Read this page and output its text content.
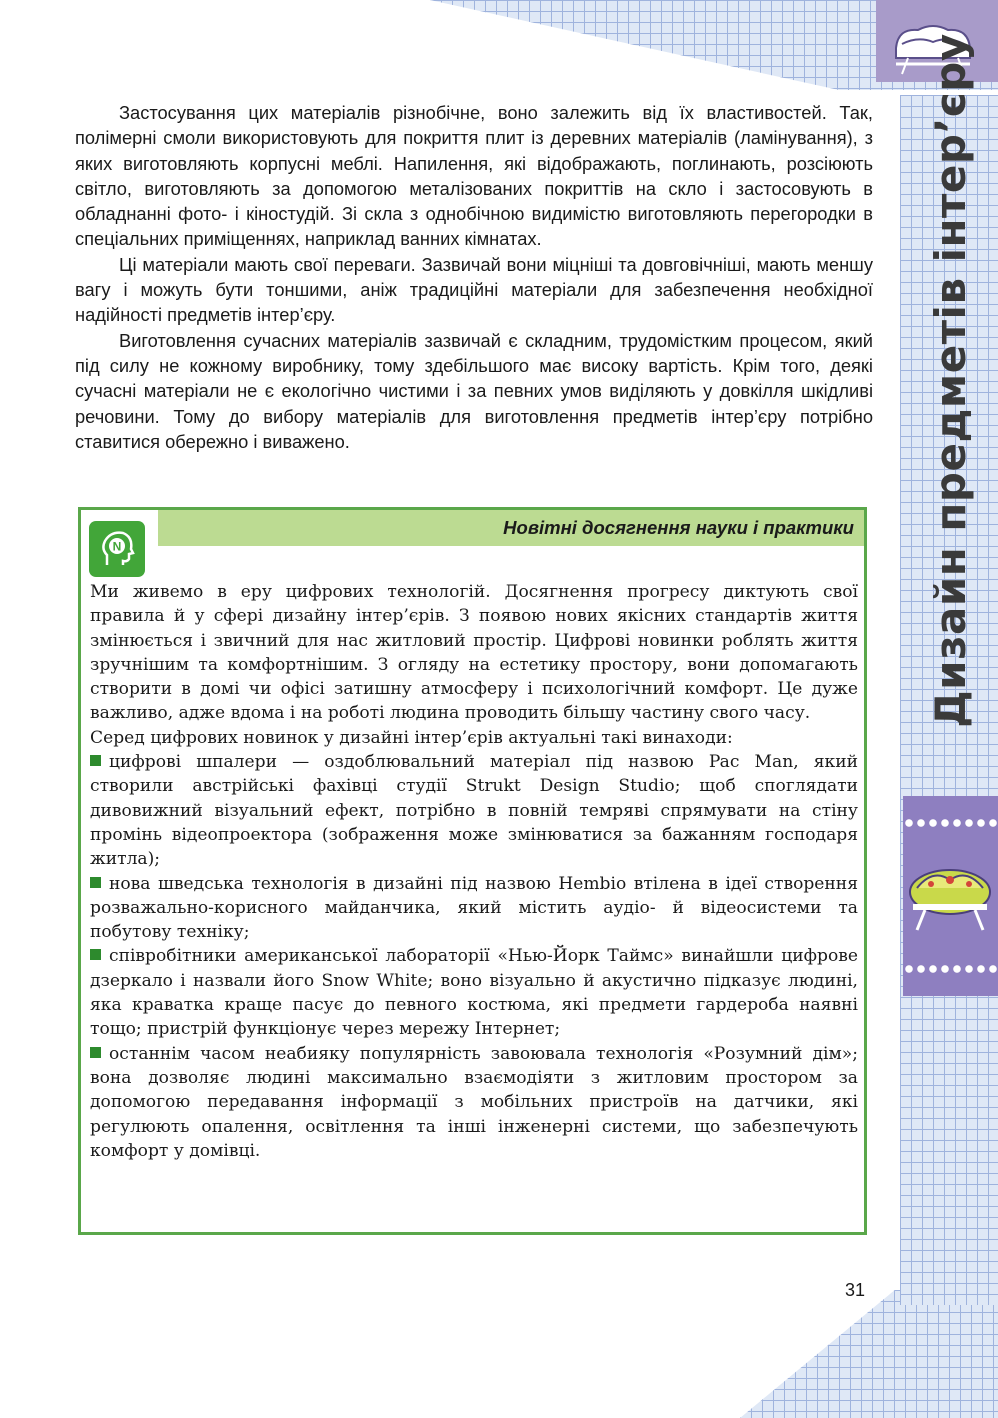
Дизайн предметів інтер’єру

Застосування цих матеріалів різнобічне, воно залежить від їх властивостей. Так, полімерні смоли використовують для покриття плит із деревних матеріалів (ламінування), з яких виготовляють корпусні меблі. Напилення, які відображають, поглинають, розсіюють світло, виготовляють за допомогою металізованих покриттів на скло і застосовують в обладнанні фото- і кіностудій. Зі скла з однобічною видимістю виготовляють перегородки в спеціальних приміщеннях, наприклад ванних кімнатах.

Ці матеріали мають свої переваги. Зазвичай вони міцніші та довговічніші, мають меншу вагу і можуть бути тоншими, аніж традиційні матеріали для забезпечення необхідної надійності предметів інтер’єру.

Виготовлення сучасних матеріалів зазвичай є складним, трудомістким процесом, який під силу не кожному виробнику, тому здебільшого має високу вартість. Крім того, деякі сучасні матеріали не є екологічно чистими і за певних умов виділяють у довкілля шкідливі речовини. Тому до вибору матеріалів для виготовлення предметів інтер’єру потрібно ставитися обережно і виважено.

Новітні досягнення науки і практики
N

Ми живемо в еру цифрових технологій. Досягнення прогресу диктують свої правила й у сфері дизайну інтер’єрів. З появою нових якісних стандартів життя змінюється і звичний для нас житловий простір. Цифрові новинки роблять життя зручнішим та комфортнішим. З огляду на естетику простору, вони допомагають створити в домі чи офісі затишну атмосферу і психологічний комфорт. Це дуже важливо, адже вдома і на роботі людина проводить більшу частину свого часу.

Серед цифрових новинок у дизайні інтер’єрів актуальні такі винаходи:

цифрові шпалери — оздоблювальний матеріал під назвою Pac Man, який створили австрійські фахівці студії Strukt Design Studio; щоб споглядати дивовижний візуальний ефект, потрібно в повній темряві спрямувати на стіну промінь відеопроектора (зображення може змінюватися за бажанням господаря житла);

нова шведська технологія в дизайні під назвою Hembio втілена в ідеї створення розважально-корисного майданчика, який містить аудіо- й відеосистеми та побутову техніку;

співробітники американської лабораторії «Нью-Йорк Таймс» винайшли цифрове дзеркало і назвали його Snow White; воно візуально й акустично підказує людині, яка краватка краще пасує до певного костюма, які предмети гардероба наявні тощо; пристрій функціонує через мережу Інтернет;

останнім часом неабияку популярність завоювала технологія «Розумний дім»; вона дозволяє людині максимально взаємодіяти з житловим простором за допомогою передавання інформації з мобільних пристроїв на датчики, які регулюють опалення, освітлення та інші інженерні системи, що забезпечують комфорт у домівці.

31
